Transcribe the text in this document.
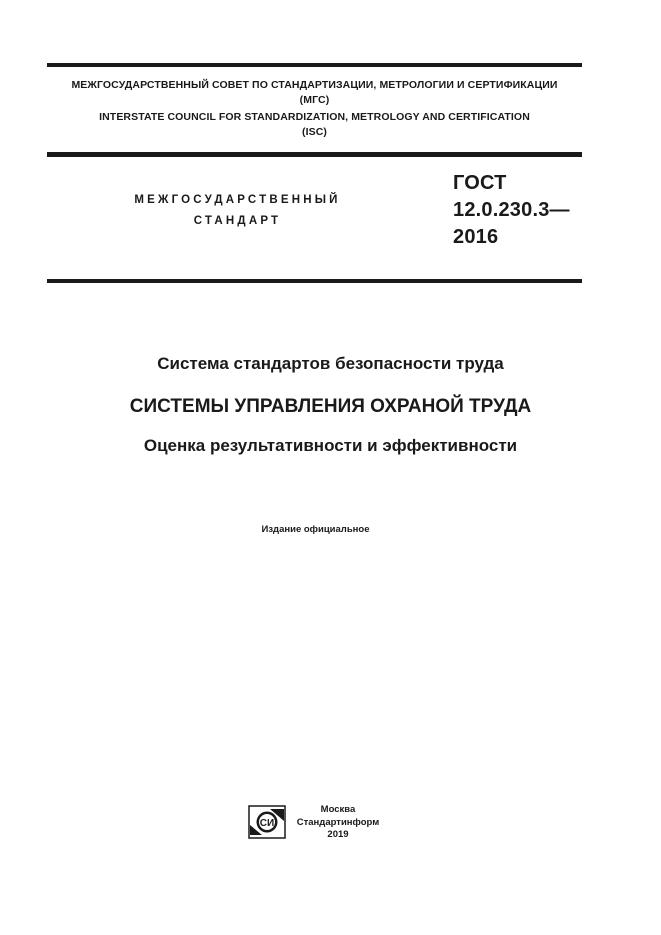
МЕЖГОСУДАРСТВЕННЫЙ СОВЕТ ПО СТАНДАРТИЗАЦИИ, МЕТРОЛОГИИ И СЕРТИФИКАЦИИ
(МГС)
INTERSTATE COUNCIL FOR STANDARDIZATION, METROLOGY AND CERTIFICATION
(ISC)
МЕЖГОСУДАРСТВЕННЫЙ
СТАНДАРТ
ГОСТ
12.0.230.3—
2016
Система стандартов безопасности труда
СИСТЕМЫ УПРАВЛЕНИЯ ОХРАНОЙ ТРУДА
Оценка результативности и эффективности
Издание официальное
СИ
Москва
Стандартинформ
2019
